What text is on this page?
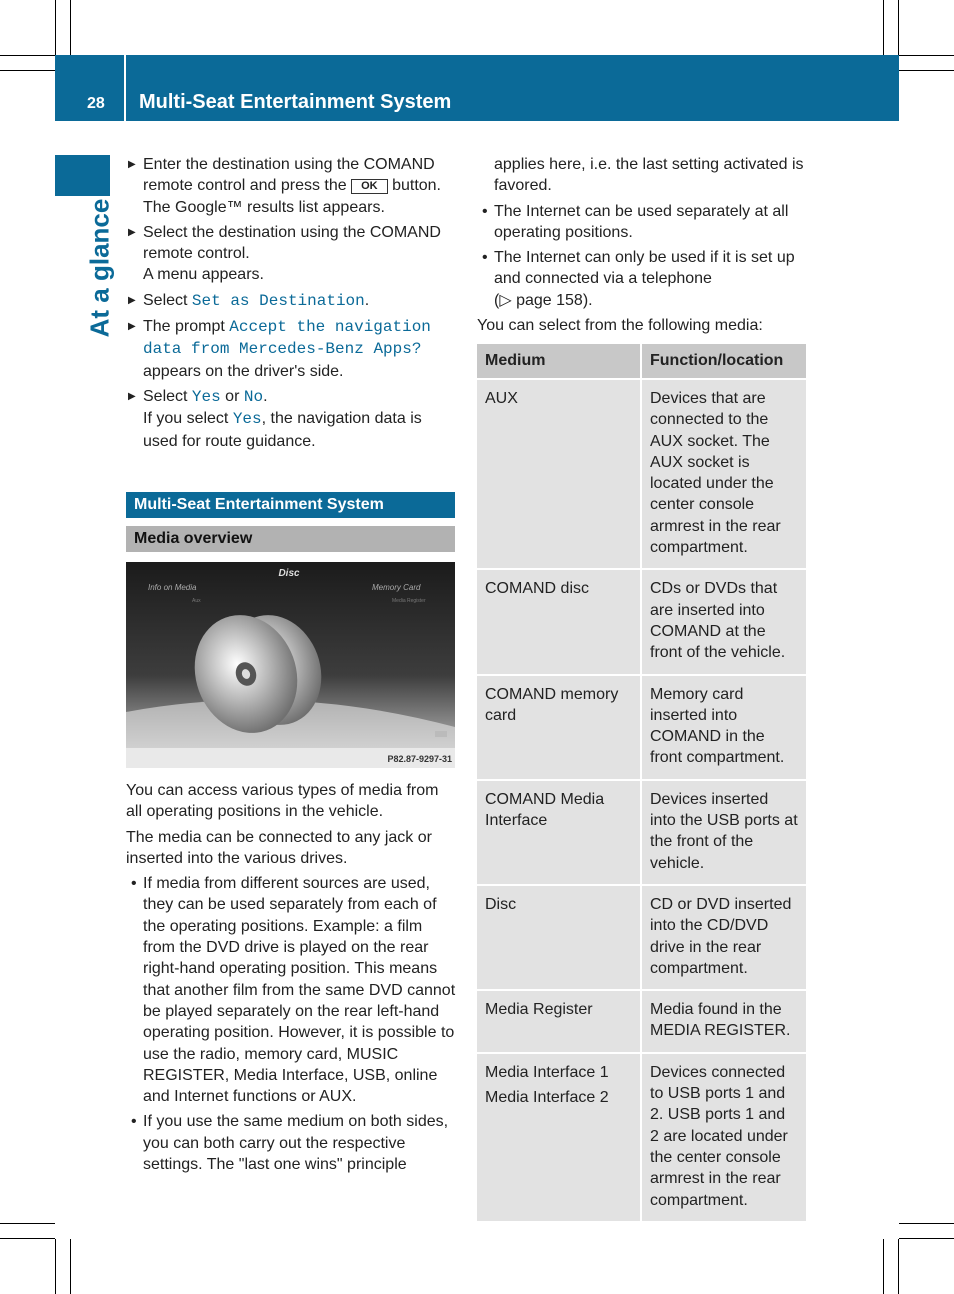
28 Multi-Seat Entertainment System
At a glance
▶ Enter the destination using the COMAND
remote control and press the OK button.
The Google™ results list appears.
▶ Select the destination using the COMAND remote control.
A menu appears.
▶ Select Set as Destination.
▶ The prompt Accept the navigation data from Mercedes-Benz Apps?
appears on the driver's side.
▶ Select Yes or No.
If you select Yes, the navigation data is used for route guidance.
Multi-Seat Entertainment System
Media overview
Disc
Info on Media	Memory Card
Aux	Media Register
P82.87-9297-31
You can access various types of media from all operating positions in the vehicle.
The media can be connected to any jack or inserted into the various drives.
• If media from different sources are used, they can be used separately from each of the operating positions. Example: a film from the DVD drive is played on the rear right-hand operating position. This means that another film from the same DVD cannot be played separately on the rear left-hand operating position. However, it is possible to use the radio, memory card, MUSIC REGISTER, Media Interface, USB, online and Internet functions or AUX.
• If you use the same medium on both sides, you can both carry out the respective settings. The "last one wins" principle
applies here, i.e. the last setting activated is favored.
• The Internet can be used separately at all operating positions.
• The Internet can only be used if it is set up and connected via a telephone
(▷ page 158).
You can select from the following media:
Medium	Function/location
AUX	Devices that are connected to the AUX socket. The AUX socket is located under the center console armrest in the rear compartment.
COMAND disc	CDs or DVDs that are inserted into COMAND at the front of the vehicle.
COMAND memory card	Memory card inserted into COMAND in the front compartment.
COMAND Media Interface	Devices inserted into the USB ports at the front of the vehicle.
Disc	CD or DVD inserted into the CD/DVD drive in the rear compartment.
Media Register	Media found in the MEDIA REGISTER.

Media Interface 1
Media Interface 2	Devices connected to USB ports 1 and 2. USB ports 1 and 2 are located under the center console armrest in the rear compartment.
